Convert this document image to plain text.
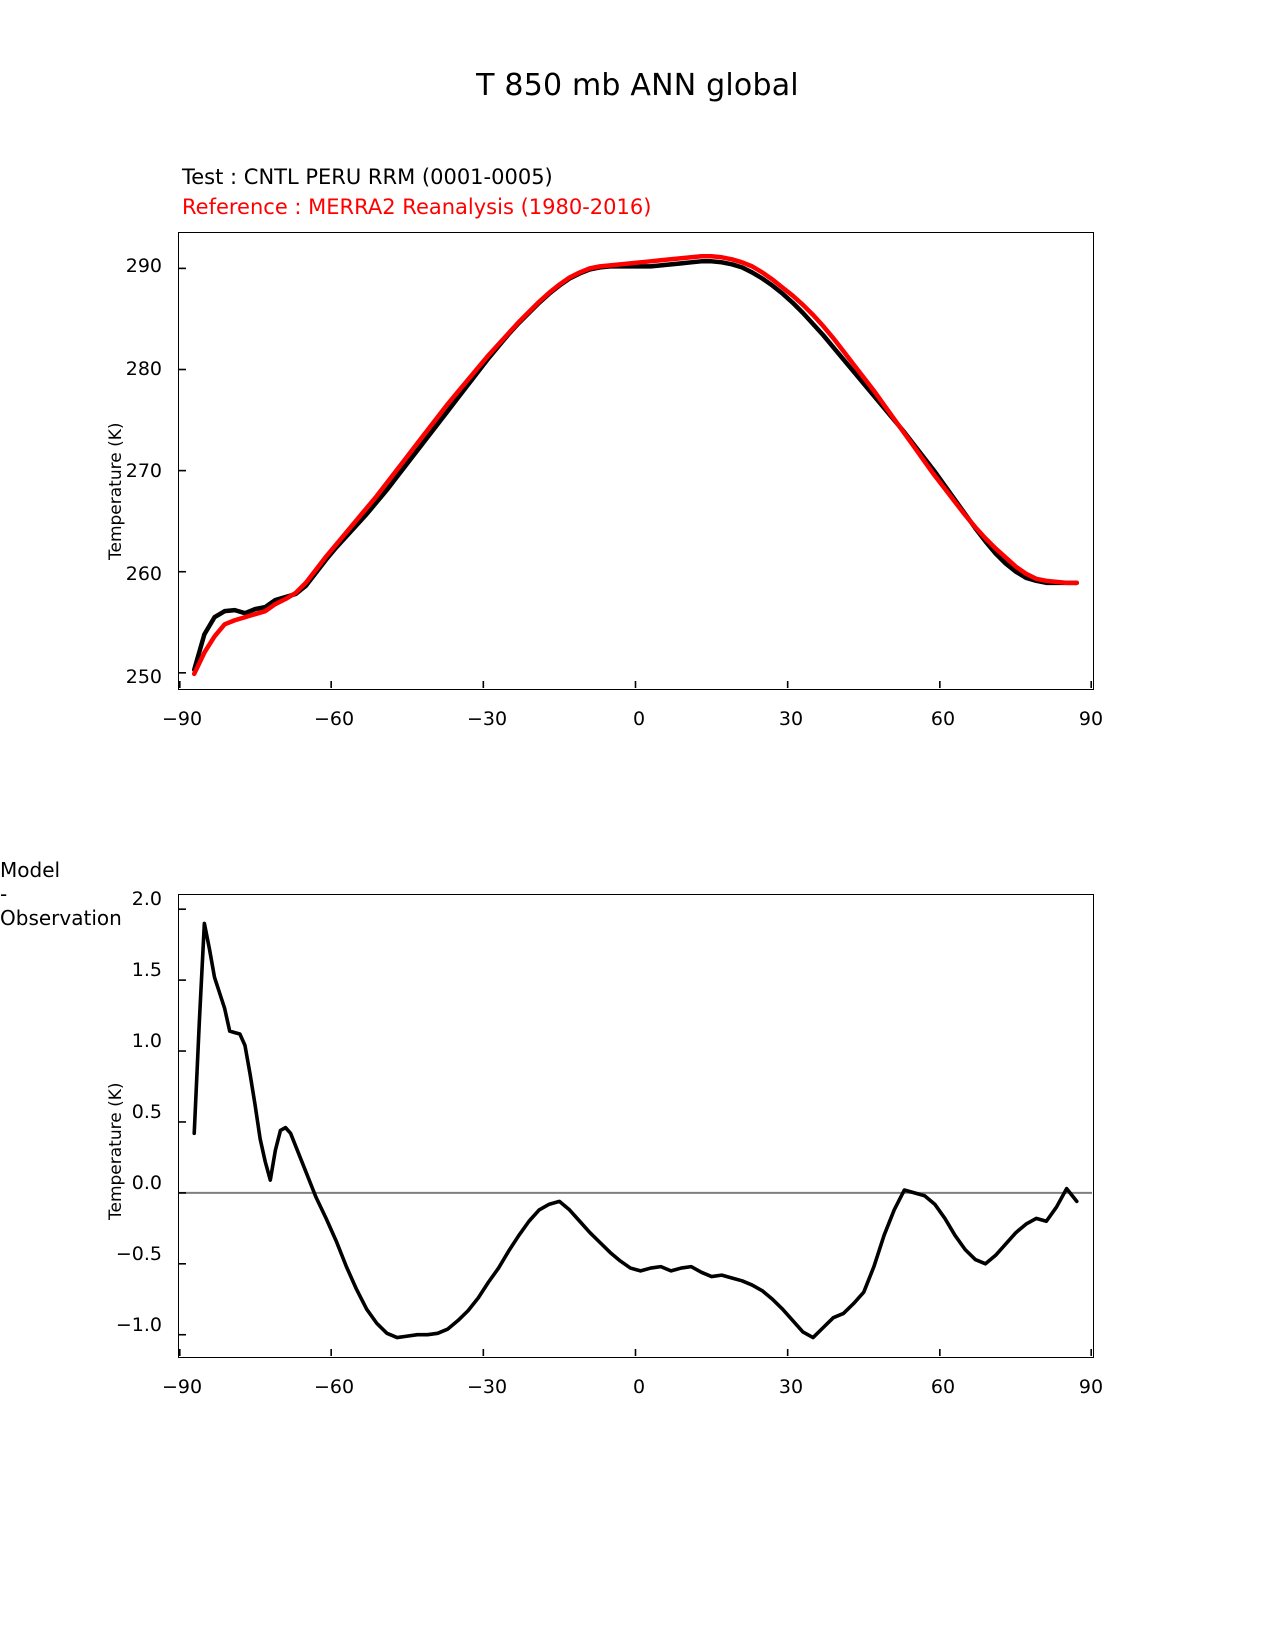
T 850 mb ANN global
Test : CNTL PERU RRM (0001-0005)
Reference : MERRA2 Reanalysis (1980-2016)
Temperature (K)
290
280
270
260
250
−90	−60	−30	0	30	60	90
Model - Observation
Temperature (K)
2.0
1.5
1.0
0.5
0.0
−0.5
−1.0
−90	−60	−30	0	30	60	90
